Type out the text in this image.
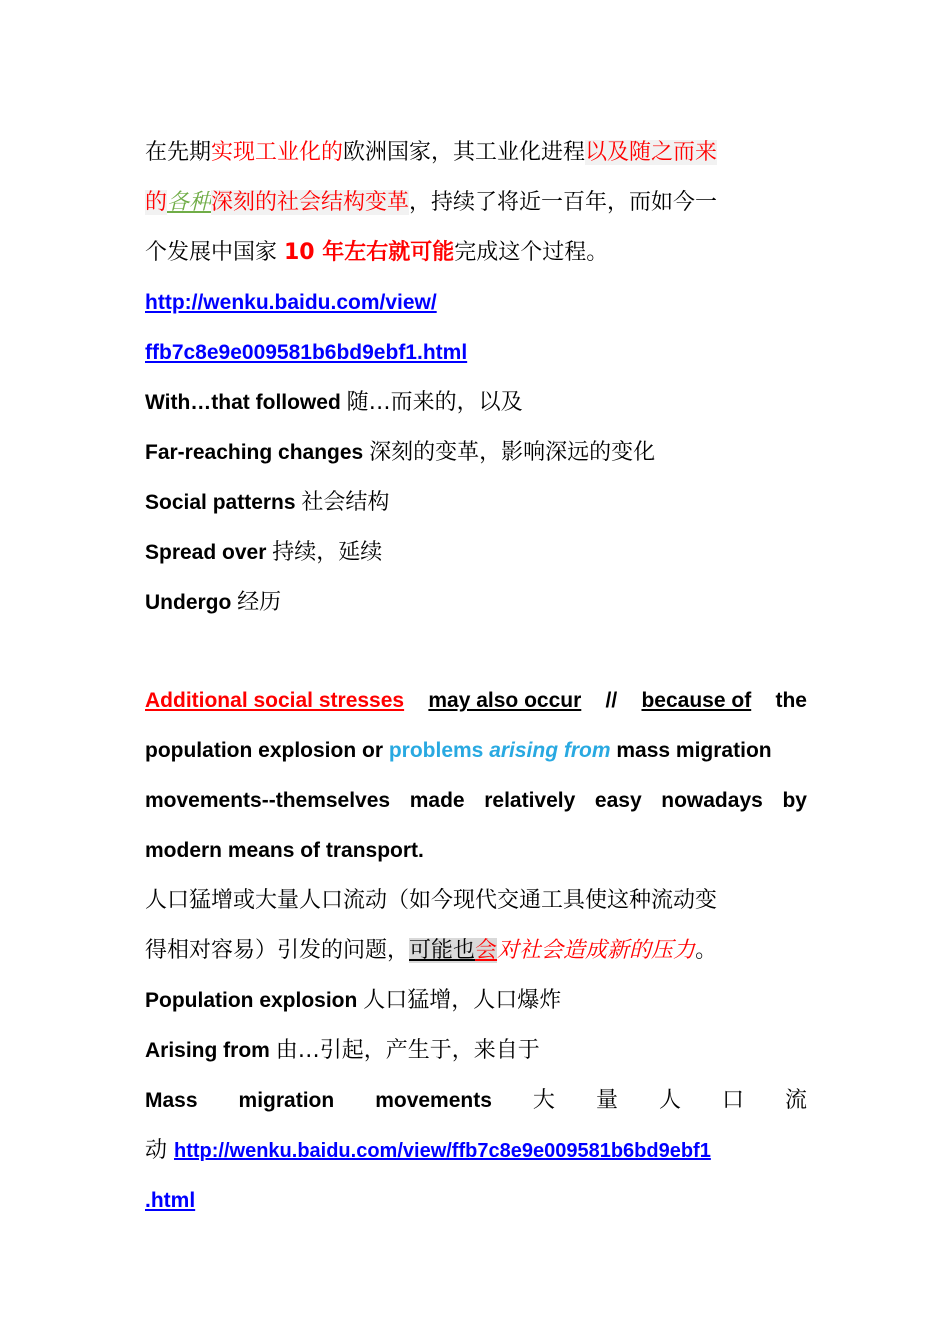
在先期实现工业化的欧洲国家，其工业化进程以及随之而来
的各种深刻的社会结构变革，持续了将近一百年，而如今一
个发展中国家 10 年左右就可能完成这个过程。
http://wenku.baidu.com/view/
ffb7c8e9e009581b6bd9ebf1.html
With…that followed 随…而来的，以及
Far-reaching changes 深刻的变革，影响深远的变化
Social patterns 社会结构
Spread over 持续，延续
Undergo 经历
Additional social stresses may also occur // because of the
population explosion or problems arising from mass migration
movements--themselves made relatively easy nowadays by
modern means of transport.
人口猛增或大量人口流动（如今现代交通工具使这种流动变
得相对容易）引发的问题，可能也会对社会造成新的压力。
Population explosion 人口猛增，人口爆炸
Arising from 由…引起，产生于，来自于
Mass migration movements 大 量 人 口 流
动 http://wenku.baidu.com/view/ffb7c8e9e009581b6bd9ebf1
.html
